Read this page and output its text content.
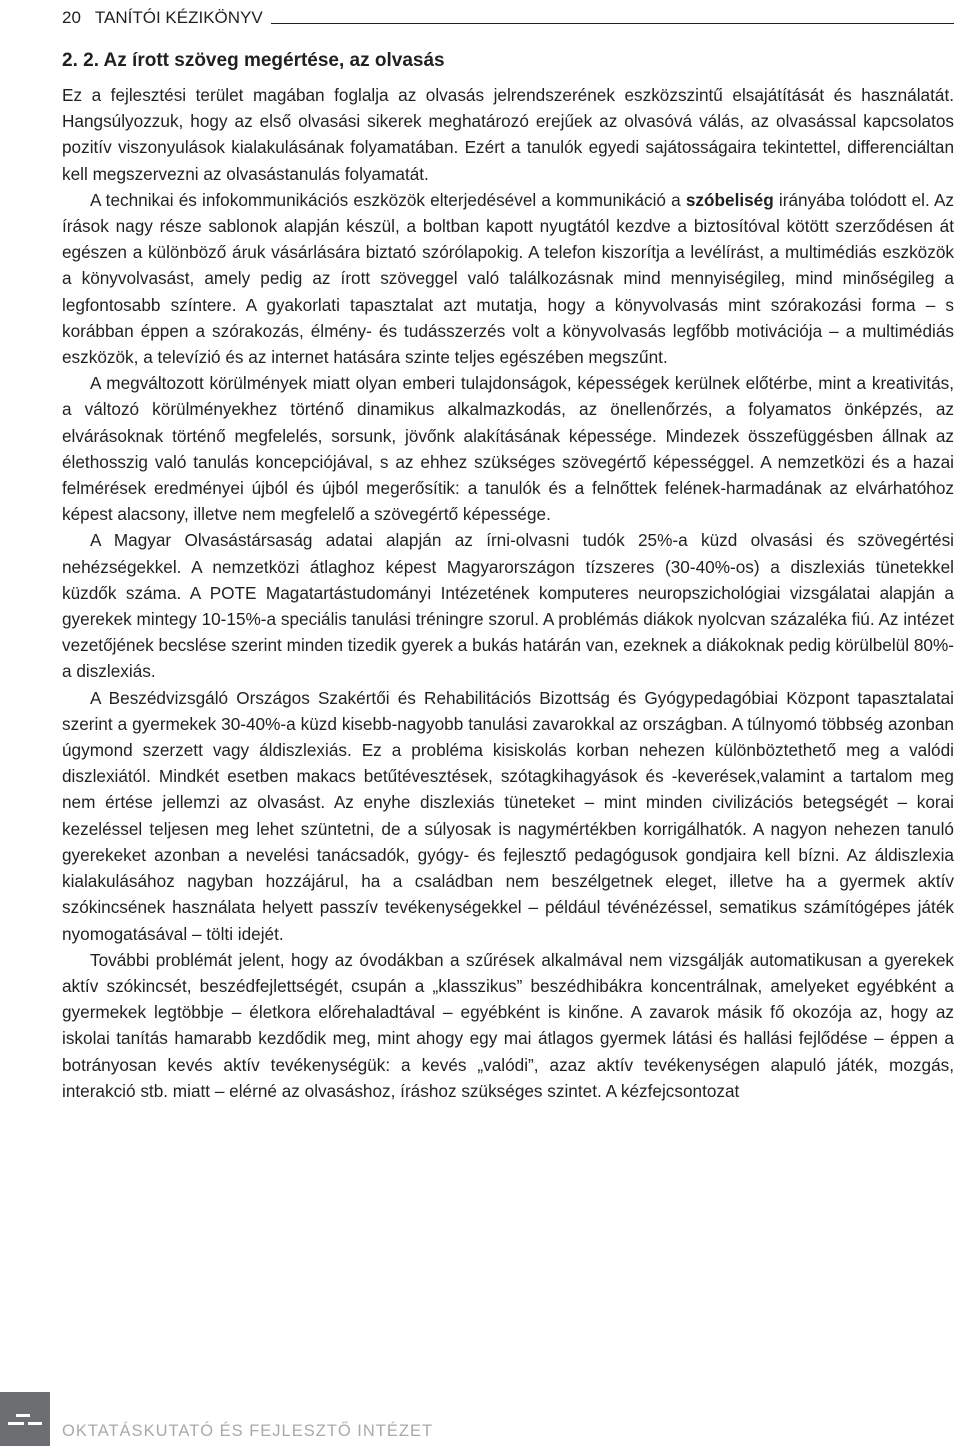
20 TANÍTÓI KÉZIKÖNYV
2. 2. Az írott szöveg megértése, az olvasás

Ez a fejlesztési terület magában foglalja az olvasás jelrendszerének eszközszintű elsajátítását és használatát. Hangsúlyozzuk, hogy az első olvasási sikerek meghatározó erejűek az olvasóvá válás, az olvasással kapcsolatos pozitív viszonyulások kialakulásának folyamatában. Ezért a tanulók egyedi sajátosságaira tekintettel, differenciáltan kell megszervezni az olvasástanulás folyamatát.

A technikai és infokommunikációs eszközök elterjedésével a kommunikáció a szóbeliség irányába tolódott el. Az írások nagy része sablonok alapján készül, a boltban kapott nyugtától kezdve a biztosítóval kötött szerződésen át egészen a különböző áruk vásárlására biztató szórólapokig. A telefon kiszorítja a levélírást, a multimédiás eszközök a könyvolvasást, amely pedig az írott szöveggel való találkozásnak mind mennyiségileg, mind minőségileg a legfontosabb színtere. A gyakorlati tapasztalat azt mutatja, hogy a könyvolvasás mint szórakozási forma – s korábban éppen a szórakozás, élmény- és tudásszerzés volt a könyvolvasás legfőbb motivációja – a multimédiás eszközök, a televízió és az internet hatására szinte teljes egészében megszűnt.

A megváltozott körülmények miatt olyan emberi tulajdonságok, képességek kerülnek előtérbe, mint a kreativitás, a változó körülményekhez történő dinamikus alkalmazkodás, az önellenőrzés, a folyamatos önképzés, az elvárásoknak történő megfelelés, sorsunk, jövőnk alakításának képessége. Mindezek összefüggésben állnak az élethosszig való tanulás koncepciójával, s az ehhez szükséges szövegértő képességgel. A nemzetközi és a hazai felmérések eredményei újból és újból megerősítik: a tanulók és a felnőttek felének-harmadának az elvárhatóhoz képest alacsony, illetve nem megfelelő a szövegértő képessége.

A Magyar Olvasástársaság adatai alapján az írni-olvasni tudók 25%-a küzd olvasási és szövegértési nehézségekkel. A nemzetközi átlaghoz képest Magyarországon tízszeres (30-40%-os) a diszlexiás tünetekkel küzdők száma. A POTE Magatartástudományi Intézetének komputeres neuropszichológiai vizsgálatai alapján a gyerekek mintegy 10-15%-a speciális tanulási tréningre szorul. A problémás diákok nyolcvan százaléka fiú. Az intézet vezetőjének becslése szerint minden tizedik gyerek a bukás határán van, ezeknek a diákoknak pedig körülbelül 80%-a diszlexiás.

A Beszédvizsgáló Országos Szakértői és Rehabilitációs Bizottság és Gyógypedagóbiai Központ tapasztalatai szerint a gyermekek 30-40%-a küzd kisebb-nagyobb tanulási zavarokkal az országban. A túlnyomó többség azonban úgymond szerzett vagy áldiszlexiás. Ez a probléma kisiskolás korban nehezen különböztethető meg a valódi diszlexiától. Mindkét esetben makacs betűtévesztések, szótagkihagyások és -keverések,valamint a tartalom meg nem értése jellemzi az olvasást. Az enyhe diszlexiás tüneteket – mint minden civilizációs betegségét – korai kezeléssel teljesen meg lehet szüntetni, de a súlyosak is nagymértékben korrigálhatók. A nagyon nehezen tanuló gyerekeket azonban a nevelési tanácsadók, gyógy- és fejlesztő pedagógusok gondjaira kell bízni. Az áldiszlexia kialakulásához nagyban hozzájárul, ha a családban nem beszélgetnek eleget, illetve ha a gyermek aktív szókincsének használata helyett passzív tevékenységekkel – például tévénézéssel, sematikus számítógépes játék nyomogatásával – tölti idejét.

További problémát jelent, hogy az óvodákban a szűrések alkalmával nem vizsgálják automatikusan a gyerekek aktív szókincsét, beszédfejlettségét, csupán a „klasszikus” beszédhibákra koncentrálnak, amelyeket egyébként a gyermekek legtöbbje – életkora előrehaladtával – egyébként is kinőne. A zavarok másik fő okozója az, hogy az iskolai tanítás hamarabb kezdődik meg, mint ahogy egy mai átlagos gyermek látási és hallási fejlődése – éppen a botrányosan kevés aktív tevékenységük: a kevés „valódi”, azaz aktív tevékenységen alapuló játék, mozgás, interakció stb. miatt – elérné az olvasáshoz, íráshoz szükséges szintet. A kézfejcsontozat

OKTATÁSKUTATÓ ÉS FEJLESZTŐ INTÉZET
